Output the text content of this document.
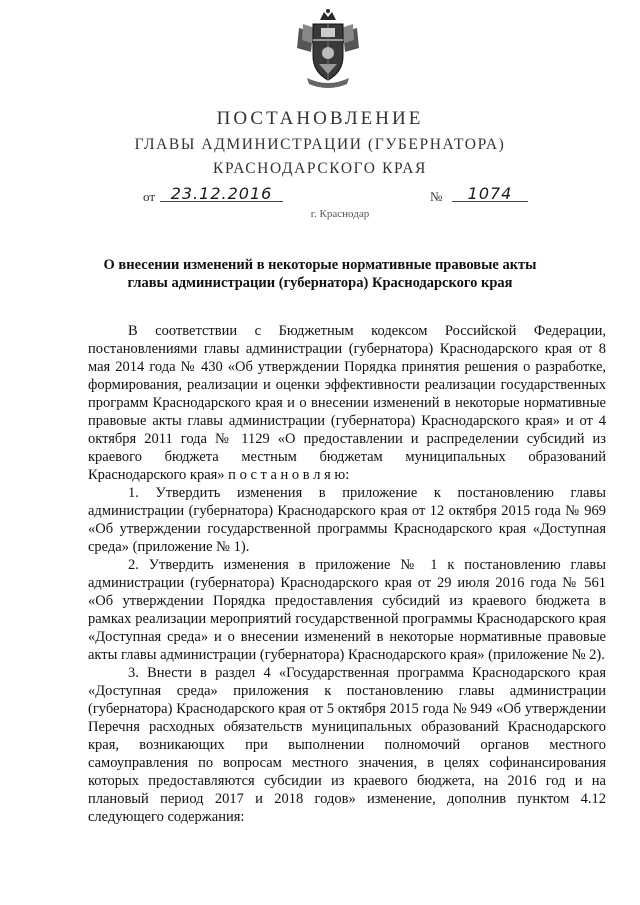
ПОСТАНОВЛЕНИЕ
ГЛАВЫ АДМИНИСТРАЦИИ (ГУБЕРНАТОРА)
КРАСНОДАРСКОГО КРАЯ
от 23.12.2016	№	1074
г. Краснодар
О внесении изменений в некоторые нормативные правовые акты главы администрации (губернатора) Краснодарского края

В соответствии с Бюджетным кодексом Российской Федерации, постановлениями главы администрации (губернатора) Краснодарского края от 8 мая 2014 года № 430 «Об утверждении Порядка принятия решения о разработке, формирования, реализации и оценки эффективности реализации государственных программ Краснодарского края и о внесении изменений в некоторые нормативные правовые акты главы администрации (губернатора) Краснодарского края» и от 4 октября 2011 года № 1129 «О предоставлении и распределении субсидий из краевого бюджета местным бюджетам муниципальных образований Краснодарского края» п о с т а н о в л я ю:

1. Утвердить изменения в приложение к постановлению главы администрации (губернатора) Краснодарского края от 12 октября 2015 года № 969 «Об утверждении государственной программы Краснодарского края «Доступная среда» (приложение № 1).

2. Утвердить изменения в приложение № 1 к постановлению главы администрации (губернатора) Краснодарского края от 29 июля 2016 года № 561 «Об утверждении Порядка предоставления субсидий из краевого бюджета в рамках реализации мероприятий государственной программы Краснодарского края «Доступная среда» и о внесении изменений в некоторые нормативные правовые акты главы администрации (губернатора) Краснодарского края» (приложение № 2).

3. Внести в раздел 4 «Государственная программа Краснодарского края «Доступная среда» приложения к постановлению главы администрации (губернатора) Краснодарского края от 5 октября 2015 года № 949 «Об утверждении Перечня расходных обязательств муниципальных образований Краснодарского края, возникающих при выполнении полномочий органов местного самоуправления по вопросам местного значения, в целях софинансирования которых предоставляются субсидии из краевого бюджета, на 2016 год и на плановый период 2017 и 2018 годов» изменение, дополнив пунктом 4.12 следующего содержания:
